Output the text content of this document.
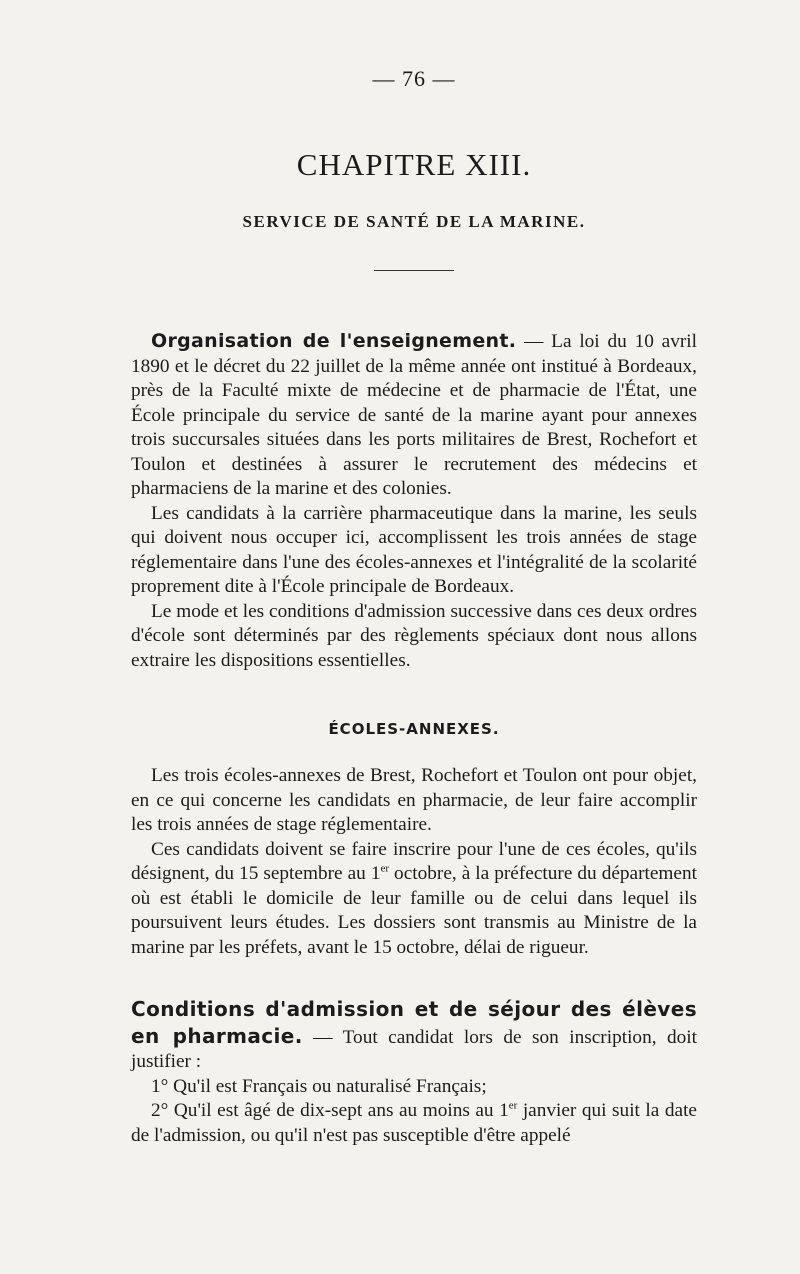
— 76 —
CHAPITRE XIII.
SERVICE DE SANTÉ DE LA MARINE.

Organisation de l'enseignement. — La loi du 10 avril 1890 et le décret du 22 juillet de la même année ont institué à Bordeaux, près de la Faculté mixte de médecine et de pharmacie de l'État, une École principale du service de santé de la marine ayant pour annexes trois succursales situées dans les ports militaires de Brest, Rochefort et Toulon et destinées à assurer le recrutement des médecins et pharmaciens de la marine et des colonies.

Les candidats à la carrière pharmaceutique dans la marine, les seuls qui doivent nous occuper ici, accomplissent les trois années de stage réglementaire dans l'une des écoles-annexes et l'intégralité de la scolarité proprement dite à l'École principale de Bordeaux.

Le mode et les conditions d'admission successive dans ces deux ordres d'école sont déterminés par des règlements spéciaux dont nous allons extraire les dispositions essentielles.

ÉCOLES-ANNEXES.

Les trois écoles-annexes de Brest, Rochefort et Toulon ont pour objet, en ce qui concerne les candidats en pharmacie, de leur faire accomplir les trois années de stage réglementaire.

Ces candidats doivent se faire inscrire pour l'une de ces écoles, qu'ils désignent, du 15 septembre au 1er octobre, à la préfecture du département où est établi le domicile de leur famille ou de celui dans lequel ils poursuivent leurs études. Les dossiers sont transmis au Ministre de la marine par les préfets, avant le 15 octobre, délai de rigueur.

Conditions d'admission et de séjour des élèves en pharmacie. — Tout candidat lors de son inscription, doit justifier :

1° Qu'il est Français ou naturalisé Français;

2° Qu'il est âgé de dix-sept ans au moins au 1er janvier qui suit la date de l'admission, ou qu'il n'est pas susceptible d'être appelé
